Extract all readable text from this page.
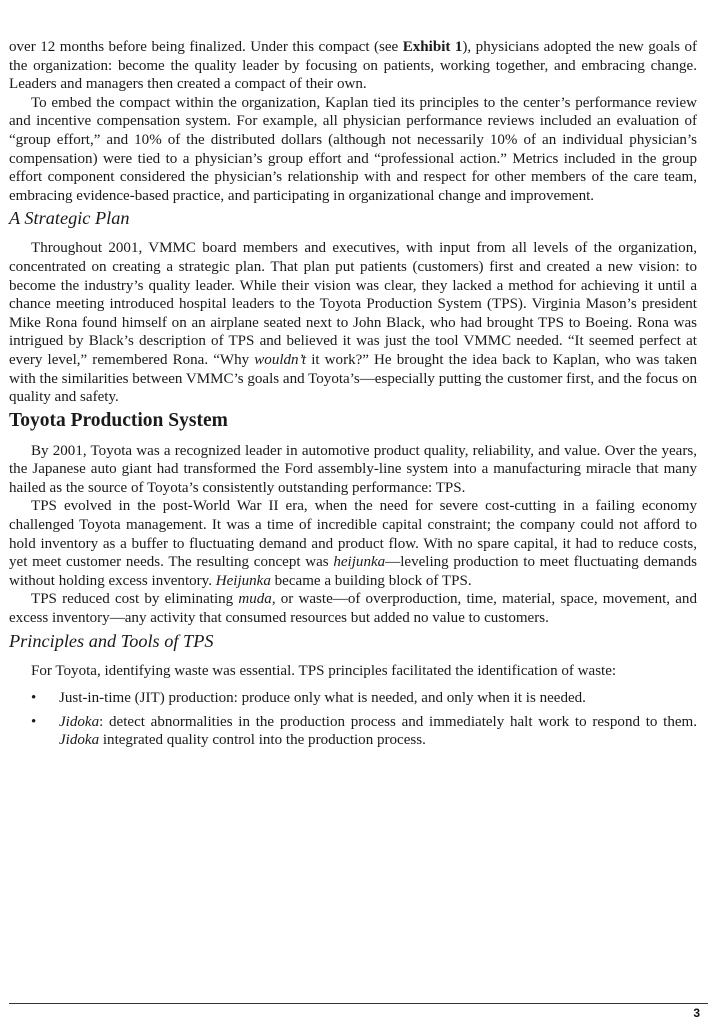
over 12 months before being finalized. Under this compact (see Exhibit 1), physicians adopted the new goals of the organization: become the quality leader by focusing on patients, working together, and embracing change. Leaders and managers then created a compact of their own.

To embed the compact within the organization, Kaplan tied its principles to the center’s performance review and incentive compensation system. For example, all physician performance reviews included an evaluation of “group effort,” and 10% of the distributed dollars (although not necessarily 10% of an individual physician’s compensation) were tied to a physician’s group effort and “professional action.” Metrics included in the group effort component considered the physician’s relationship with and respect for other members of the care team, embracing evidence-based practice, and participating in organizational change and improvement.

A Strategic Plan

Throughout 2001, VMMC board members and executives, with input from all levels of the organization, concentrated on creating a strategic plan. That plan put patients (customers) first and created a new vision: to become the industry’s quality leader. While their vision was clear, they lacked a method for achieving it until a chance meeting introduced hospital leaders to the Toyota Production System (TPS). Virginia Mason’s president Mike Rona found himself on an airplane seated next to John Black, who had brought TPS to Boeing. Rona was intrigued by Black’s description of TPS and believed it was just the tool VMMC needed. “It seemed perfect at every level,” remembered Rona. “Why wouldn’t it work?” He brought the idea back to Kaplan, who was taken with the similarities between VMMC’s goals and Toyota’s—especially putting the customer first, and the focus on quality and safety.

Toyota Production System

By 2001, Toyota was a recognized leader in automotive product quality, reliability, and value. Over the years, the Japanese auto giant had transformed the Ford assembly-line system into a manufacturing miracle that many hailed as the source of Toyota’s consistently outstanding performance: TPS.

TPS evolved in the post-World War II era, when the need for severe cost-cutting in a failing economy challenged Toyota management. It was a time of incredible capital constraint; the company could not afford to hold inventory as a buffer to fluctuating demand and product flow. With no spare capital, it had to reduce costs, yet meet customer needs. The resulting concept was heijunka—leveling production to meet fluctuating demands without holding excess inventory. Heijunka became a building block of TPS.

TPS reduced cost by eliminating muda, or waste—of overproduction, time, material, space, movement, and excess inventory—any activity that consumed resources but added no value to customers.

Principles and Tools of TPS

For Toyota, identifying waste was essential. TPS principles facilitated the identification of waste:

• Just-in-time (JIT) production: produce only what is needed, and only when it is needed.
• Jidoka: detect abnormalities in the production process and immediately halt work to respond to them. Jidoka integrated quality control into the production process.
3
